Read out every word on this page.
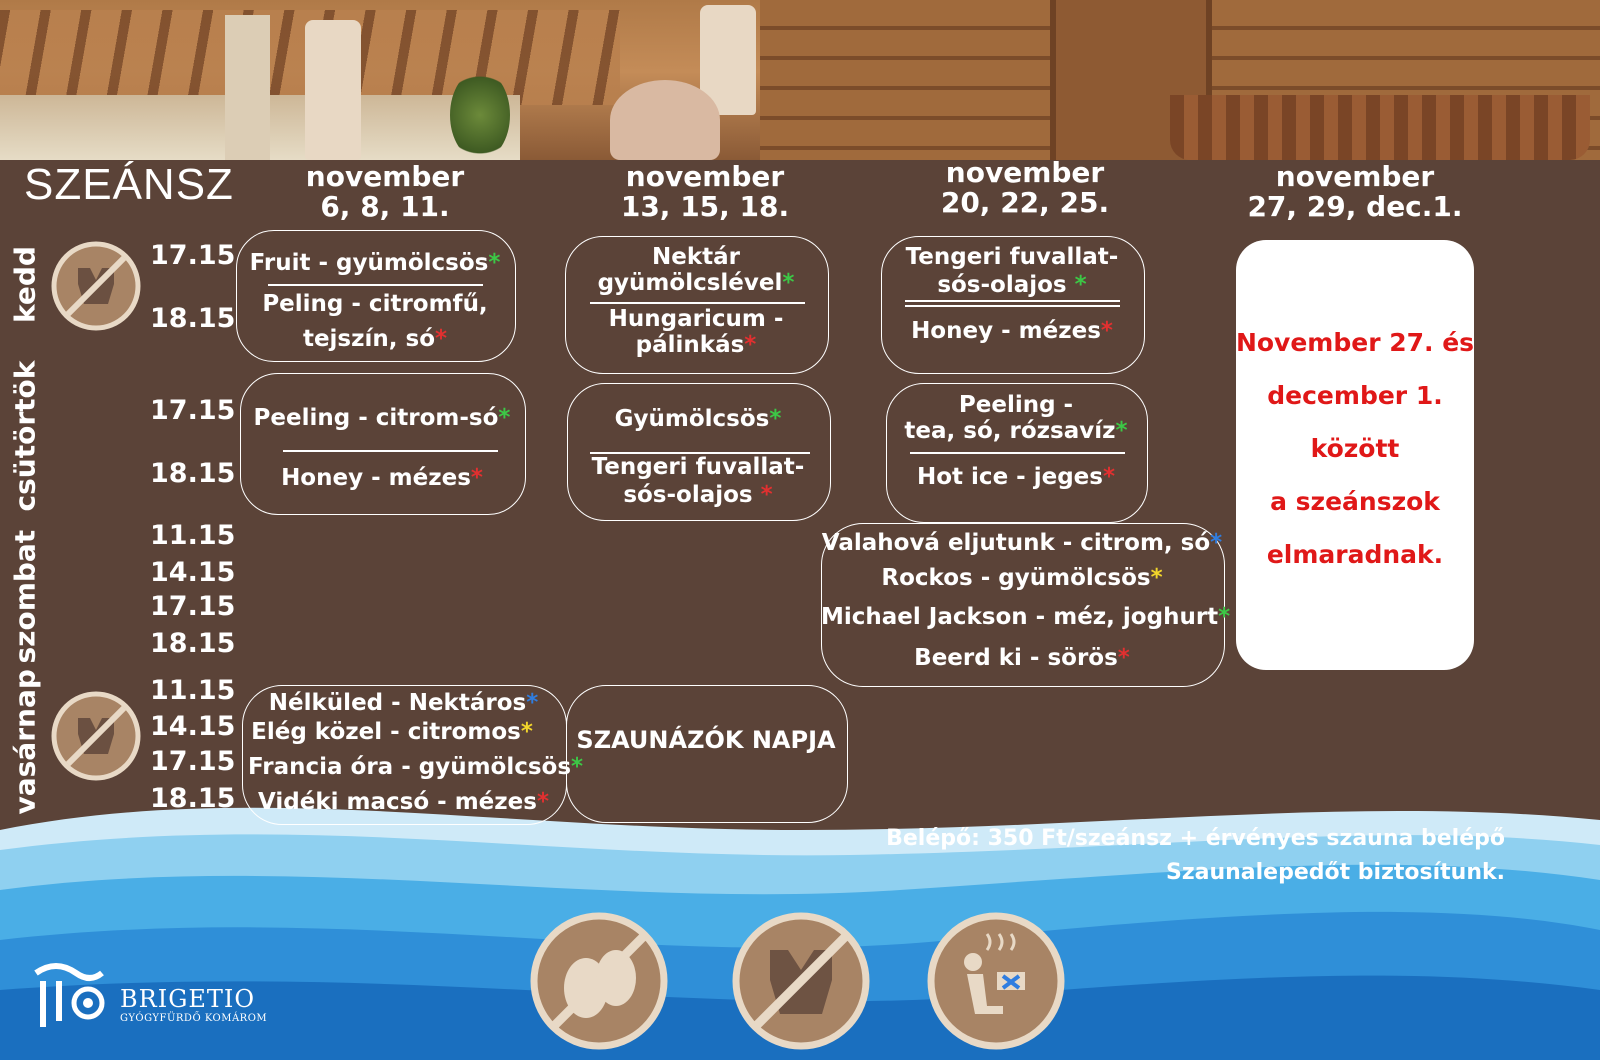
SZEÁNSZ	november
6, 8, 11.
november
13, 15, 18.
november
20, 22, 25.
november
27, 29, dec.1.
kedd
csütörtök
szombat
vasárnap
17.15
18.15
17.15
18.15
11.15
14.15
17.15
18.15
11.15
14.15
17.15
18.15
Fruit - gyümölcsös*
Peling - citromfű,
tejszín, só*
Nektár
gyümölcslével*
Hungaricum -
pálinkás*
Tengeri fuvallat-
sós-olajos *
Honey - mézes*
Peeling - citrom-só*
Honey - mézes*
Gyümölcsös*
Tengeri fuvallat-
sós-olajos *
Peeling -
tea, só, rózsavíz*
Hot ice - jeges*
Valahová eljutunk - citrom, só*
Rockos - gyümölcsös*
Michael Jackson - méz, joghurt*
Beerd ki - sörös*
Nélküled - Nektáros*
Elég közel - citromos*
Francia óra - gyümölcsös*
Vidéki macsó - mézes*
SZAUNÁZÓK NAPJA
November 27. és
december 1.
között
a szeánszok
elmaradnak.
Belépő: 350 Ft/szeánsz + érvényes szauna belépő
Szaunalepedőt biztosítunk.
BRIGETIO
GYÓGYFÜRDŐ KOMÁROM
